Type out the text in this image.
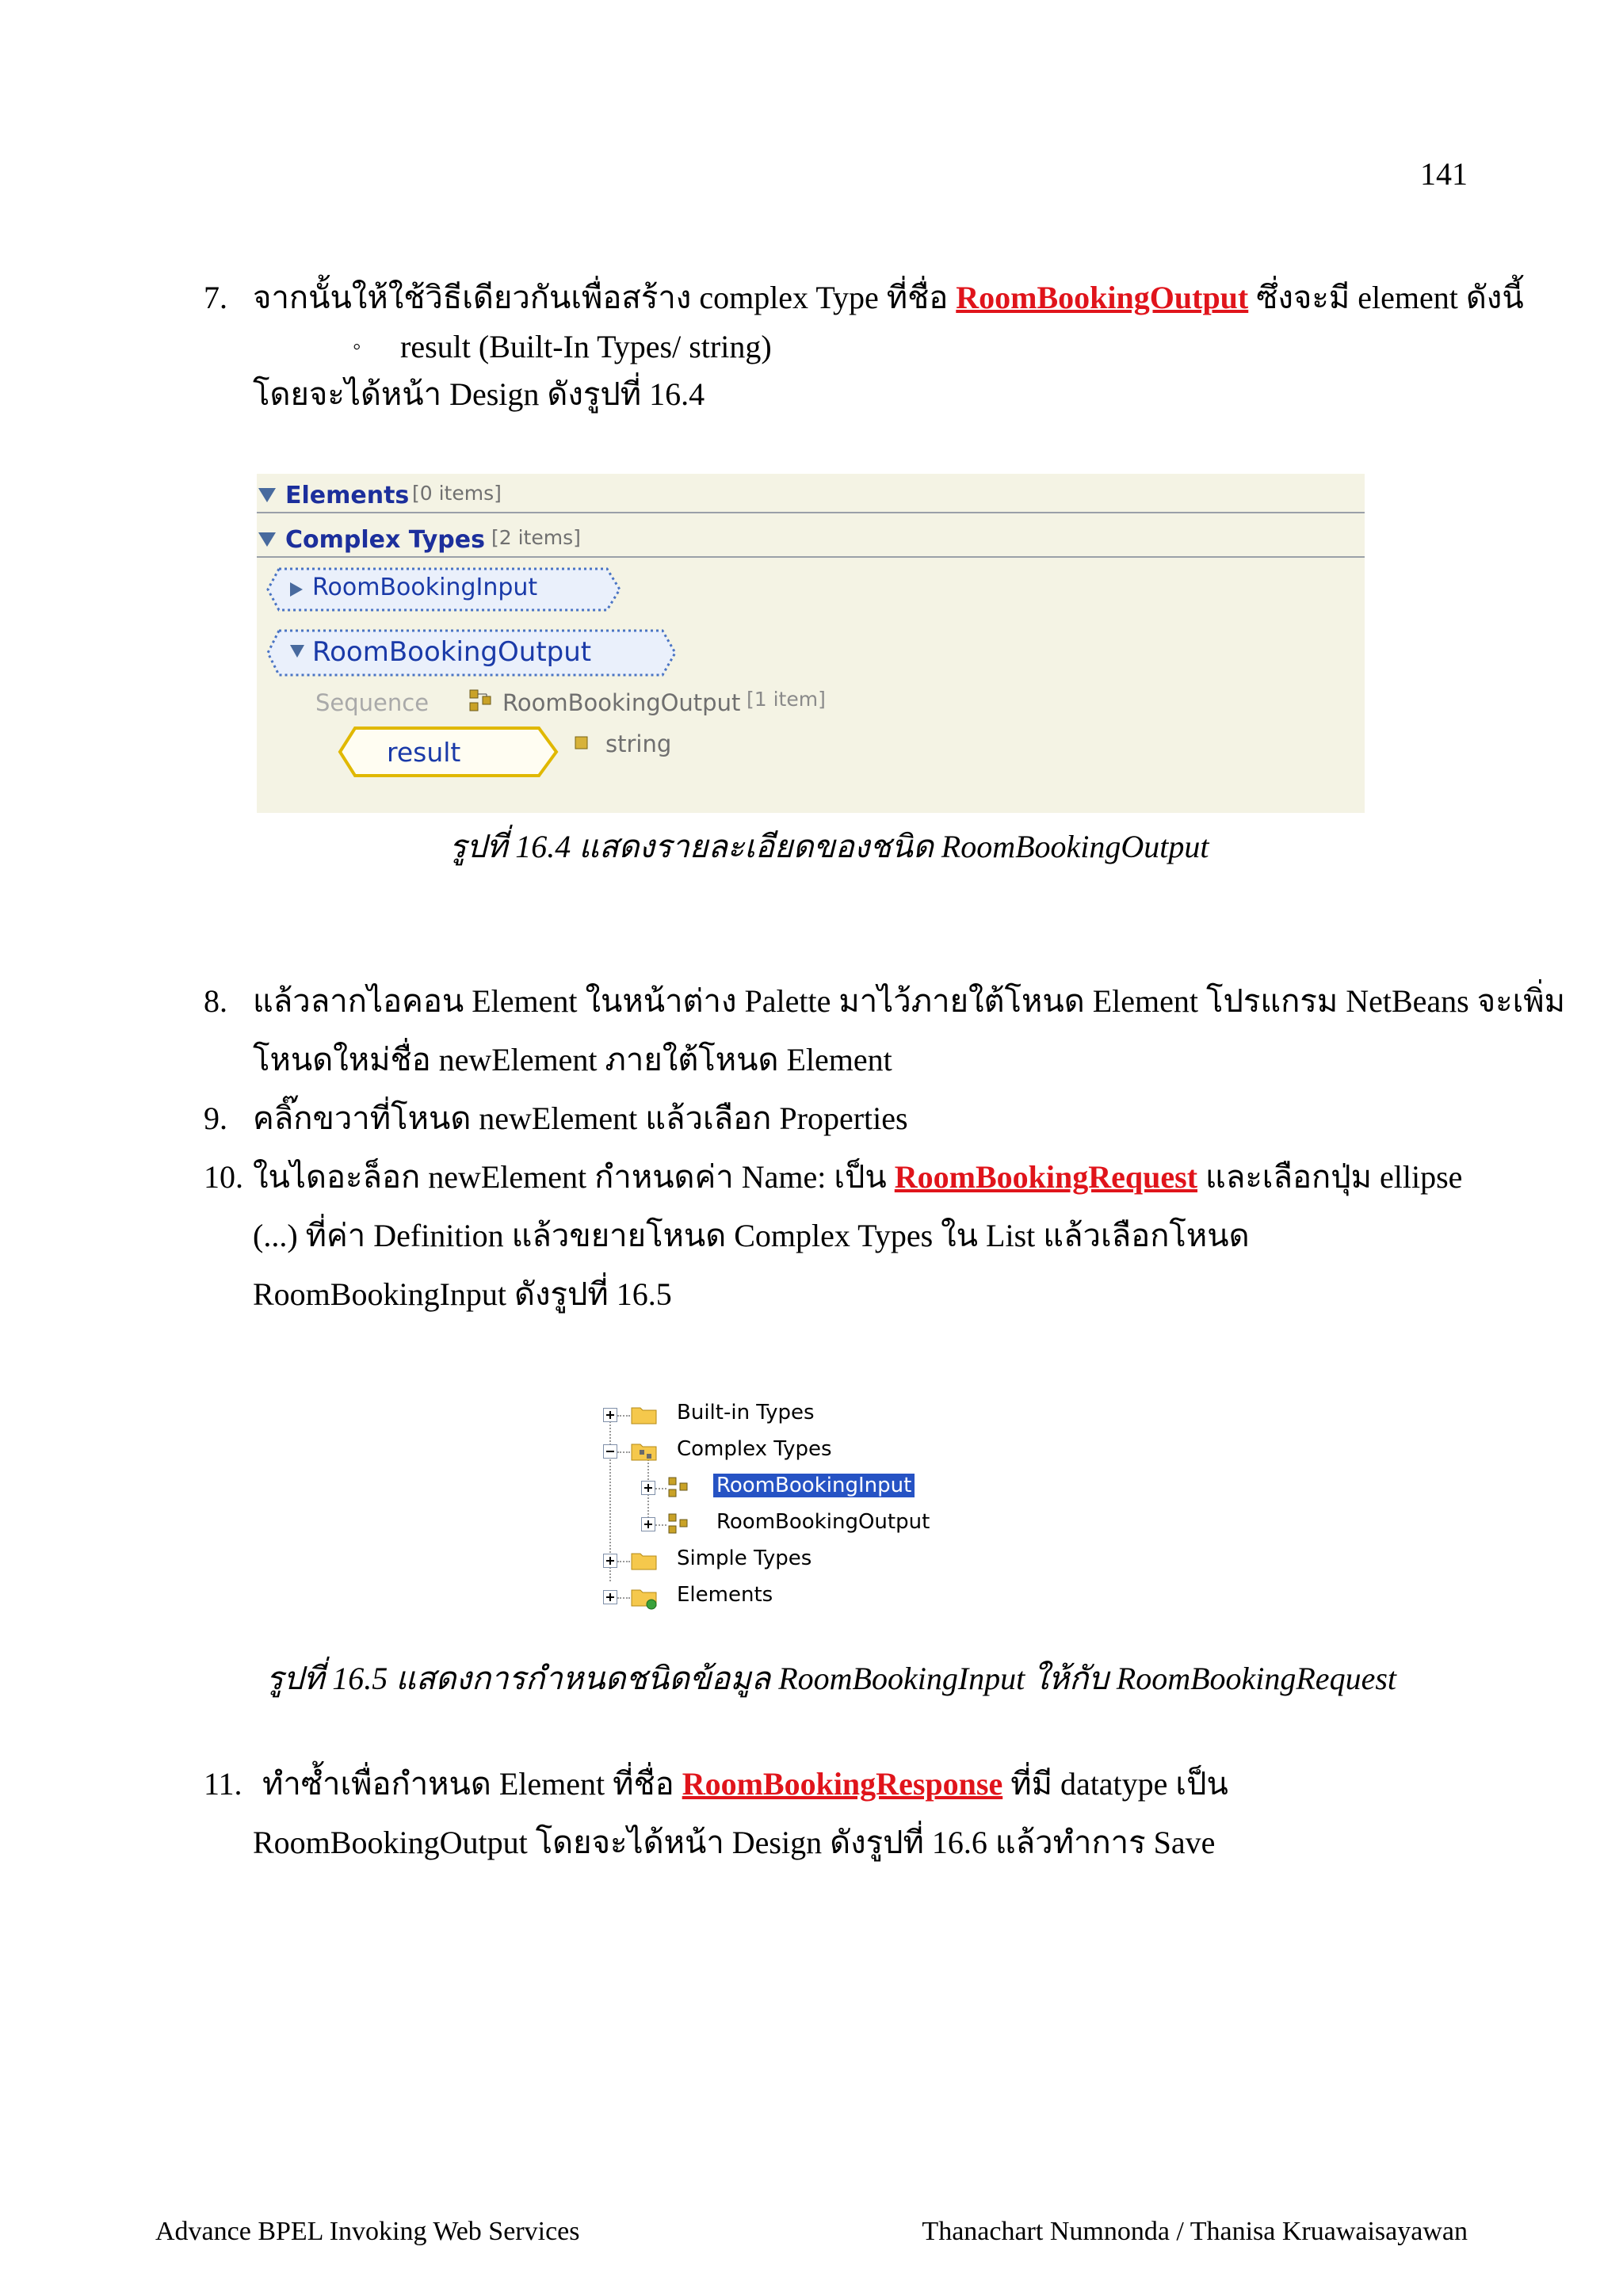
141
7. จากนั้นให้ใช้วิธีเดียวกันเพื่อสร้าง complex Type ที่ชื่อ RoomBookingOutput ซึ่งจะมี element ดังนี้
◦ result (Built-In Types/ string)
โดยจะได้หน้า Design ดังรูปที่ 16.4
Elements [0 items]
Complex Types [2 items]
RoomBookingInput
RoomBookingOutput
Sequence	RoomBookingOutput [1 item]
result	string
รูปที่ 16.4 แสดงรายละเอียดของชนิด RoomBookingOutput
8. แล้วลากไอคอน Element ในหน้าต่าง Palette มาไว้ภายใต้โหนด Element โปรแกรม NetBeans จะเพิ่ม
โหนดใหม่ชื่อ newElement ภายใต้โหนด Element
9. คลิ๊กขวาที่โหนด newElement แล้วเลือก Properties
10. ในไดอะล็อก newElement กำหนดค่า Name: เป็น RoomBookingRequest และเลือกปุ่ม ellipse
(...) ที่ค่า Definition แล้วขยายโหนด Complex Types ใน List แล้วเลือกโหนด
RoomBookingInput ดังรูปที่ 16.5
Built-in Types
Complex Types
RoomBookingInput
RoomBookingOutput
Simple Types
Elements
รูปที่ 16.5 แสดงการกำหนดชนิดข้อมูล RoomBookingInput ให้กับ RoomBookingRequest
11. ทำซ้ำเพื่อกำหนด Element ที่ชื่อ RoomBookingResponse ที่มี datatype เป็น
RoomBookingOutput โดยจะได้หน้า Design ดังรูปที่ 16.6 แล้วทำการ Save
Advance BPEL Invoking Web Services	Thanachart Numnonda / Thanisa Kruawaisayawan
